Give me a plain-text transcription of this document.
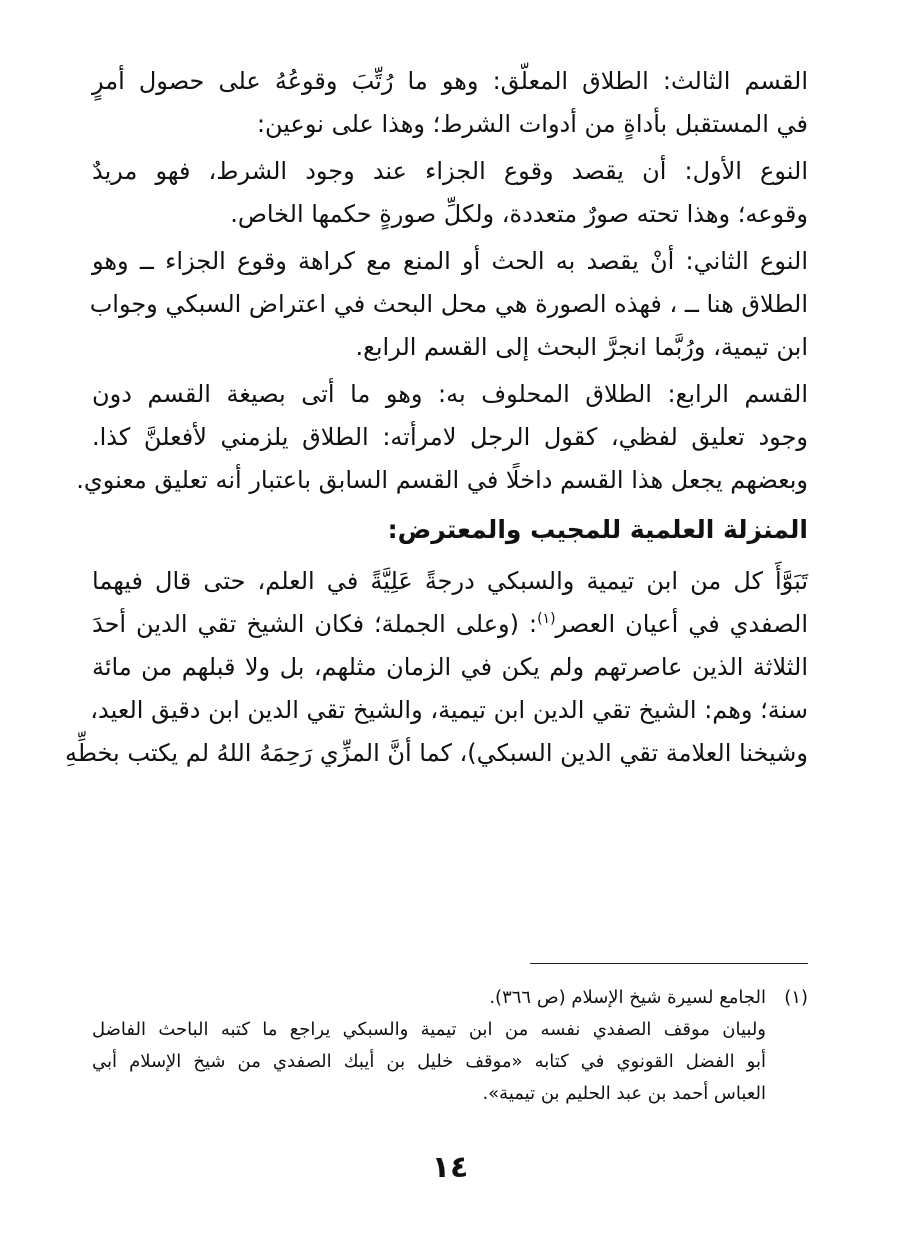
القسم الثالث: الطلاق المعلّق: وهو ما رُتِّبَ وقوعُهُ على حصول أمرٍ
في المستقبل بأداةٍ من أدوات الشرط؛ وهذا على نوعين:
النوع الأول: أن يقصد وقوع الجزاء عند وجود الشرط، فهو مريدٌ
وقوعه؛ وهذا تحته صورٌ متعددة، ولكلِّ صورةٍ حكمها الخاص.
النوع الثاني: أنْ يقصد به الحث أو المنع مع كراهة وقوع الجزاء ــ وهو
الطلاق هنا ــ ، فهذه الصورة هي محل البحث في اعتراض السبكي وجواب
ابن تيمية، ورُبَّما انجرَّ البحث إلى القسم الرابع.
القسم الرابع: الطلاق المحلوف به: وهو ما أتى بصيغة القسم دون
وجود تعليق لفظي، كقول الرجل لامرأته: الطلاق يلزمني لأفعلنَّ كذا.
وبعضهم يجعل هذا القسم داخلًا في القسم السابق باعتبار أنه تعليق معنوي.
المنزلة العلمية للمجيب والمعترض:
تَبَوَّأَ كل من ابن تيمية والسبكي درجةً عَلِيَّةً في العلم، حتى قال فيهما
الصفدي في أعيان العصر$^{(١)}$: (وعلى الجملة؛ فكان الشيخ تقي الدين أحدَ
الثلاثة الذين عاصرتهم ولم يكن في الزمان مثلهم، بل ولا قبلهم من مائة
سنة؛ وهم: الشيخ تقي الدين ابن تيمية، والشيخ تقي الدين ابن دقيق العيد،
وشيخنا العلامة تقي الدين السبكي)، كما أنَّ المزِّي رَحِمَهُ اللهُ لم يكتب بخطِّهِ
(١)الجامع لسيرة شيخ الإسلام (ص ٣٦٦).
ولبيان موقف الصفدي نفسه من ابن تيمية والسبكي يراجع ما كتبه الباحث الفاضل
أبو الفضل القونوي في كتابه «موقف خليل بن أيبك الصفدي من شيخ الإسلام أبي
العباس أحمد بن عبد الحليم بن تيمية».
١٤
